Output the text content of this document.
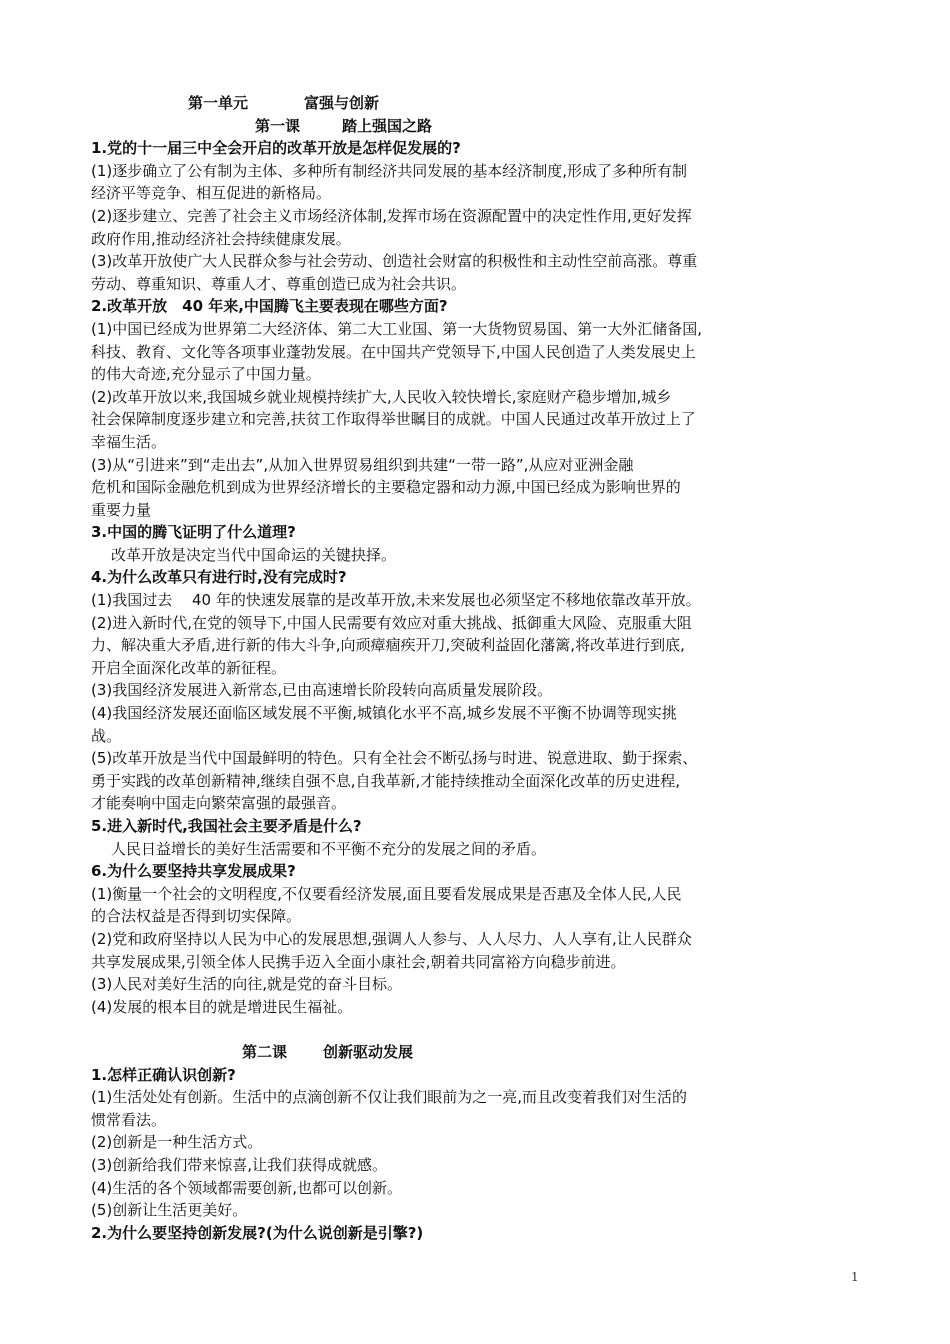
第一单元	富强与创新

第一课	踏上强国之路

1.党的十一届三中全会开启的改革开放是怎样促发展的?

(1)逐步确立了公有制为主体、多种所有制经济共同发展的基本经济制度,形成了多种所有制

经济平等竞争、相互促进的新格局。

(2)逐步建立、完善了社会主义市场经济体制,发挥市场在资源配置中的决定性作用,更好发挥

政府作用,推动经济社会持续健康发展。

(3)改革开放使广大人民群众参与社会劳动、创造社会财富的积极性和主动性空前高涨。尊重

劳动、尊重知识、尊重人才、尊重创造已成为社会共识。

2.改革开放　40 年来,中国腾飞主要表现在哪些方面?

(1)中国已经成为世界第二大经济体、第二大工业国、第一大货物贸易国、第一大外汇储备国,

科技、教育、文化等各项事业蓬勃发展。在中国共产党领导下,中国人民创造了人类发展史上

的伟大奇迹,充分显示了中国力量。

(2)改革开放以来,我国城乡就业规模持续扩大,人民收入较快增长,家庭财产稳步增加,城乡

社会保障制度逐步建立和完善,扶贫工作取得举世瞩目的成就。中国人民通过改革开放过上了

幸福生活。

(3)从“引进来”到“走出去”,从加入世界贸易组织到共建“一带一路”,从应对亚洲金融

危机和国际金融危机到成为世界经济增长的主要稳定器和动力源,中国已经成为影响世界的

重要力量

3.中国的腾飞证明了什么道理?

改革开放是决定当代中国命运的关键抉择。

4.为什么改革只有进行时,没有完成时?

(1)我国过去　 40 年的快速发展靠的是改革开放,未来发展也必须坚定不移地依靠改革开放。

(2)进入新时代,在党的领导下,中国人民需要有效应对重大挑战、抵御重大风险、克服重大阻

力、解决重大矛盾,进行新的伟大斗争,向顽瘴痼疾开刀,突破利益固化藩篱,将改革进行到底,

开启全面深化改革的新征程。

(3)我国经济发展进入新常态,已由高速增长阶段转向高质量发展阶段。

(4)我国经济发展还面临区域发展不平衡,城镇化水平不高,城乡发展不平衡不协调等现实挑

战。

(5)改革开放是当代中国最鲜明的特色。只有全社会不断弘扬与时进、锐意进取、勤于探索、

勇于实践的改革创新精神,继续自强不息,自我革新,才能持续推动全面深化改革的历史进程,

才能奏响中国走向繁荣富强的最强音。

5.进入新时代,我国社会主要矛盾是什么?

人民日益增长的美好生活需要和不平衡不充分的发展之间的矛盾。

6.为什么要坚持共享发展成果?

(1)衡量一个社会的文明程度,不仅要看经济发展,面且要看发展成果是否惠及全体人民,人民

的合法权益是否得到切实保障。

(2)党和政府坚持以人民为中心的发展思想,强调人人参与、人人尽力、人人享有,让人民群众

共享发展成果,引领全体人民携手迈入全面小康社会,朝着共同富裕方向稳步前进。

(3)人民对美好生活的向往,就是党的奋斗目标。

(4)发展的根本目的就是增进民生福祉。

第二课 创新驱动发展

1.怎样正确认识创新?

(1)生活处处有创新。生活中的点滴创新不仅让我们眼前为之一亮,而且改变着我们对生活的

惯常看法。

(2)创新是一种生活方式。

(3)创新给我们带来惊喜,让我们获得成就感。

(4)生活的各个领域都需要创新,也都可以创新。

(5)创新让生活更美好。

2.为什么要坚持创新发展?(为什么说创新是引擎?)

1
